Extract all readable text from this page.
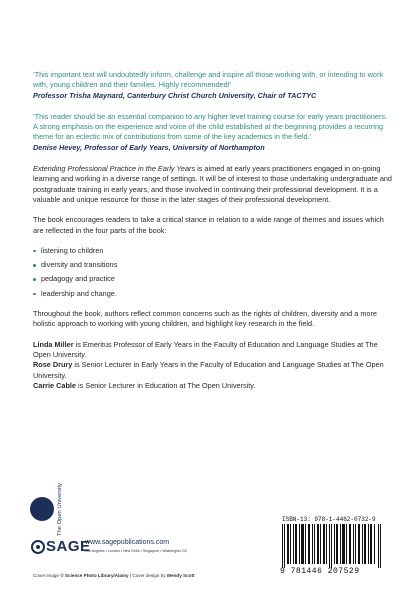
‘This important text will undoubtedly inform, challenge and inspire all those working with, or intending to work with, young children and their families. Highly recommended!’

Professor Trisha Maynard, Canterbury Christ Church University, Chair of TACTYC

‘This reader should be an essential companion to any higher level training course for early years practitioners. A strong emphasis on the experience and voice of the child established at the beginning provides a recurring theme for an eclectic mix of contributions from some of the key academics in the field.’

Denise Hevey, Professor of Early Years, University of Northampton

Extending Professional Practice in the Early Years is aimed at early years practitioners engaged in on-going learning and working in a diverse range of settings. It will be of interest to those undertaking undergraduate and postgraduate training in early years, and those involved in continuing their professional development. It is a valuable and unique resource for those in the later stages of their professional development.

The book encourages readers to take a critical stance in relation to a wide range of themes and issues which are reflected in the four parts of the book:

listening to children
diversity and transitions
pedagogy and practice
leadership and change.

Throughout the book, authors reflect common concerns such as the rights of children, diversity and a more holistic approach to working with young children, and highlight key research in the field.

Linda Miller is Emeritus Professor of Early Years in the Faculty of Education and Language Studies at The Open University.

Rose Drury is Senior Lecturer in Early Years in the Faculty of Education and Language Studies at The Open University.

Carrie Cable is Senior Lecturer in Education at The Open University.

The Open University
SAGE
www.sagepublications.com
Los Angeles • London • New Delhi • Singapore • Washington DC
Cover image © Science Photo Library/Alamy | Cover design by Wendy Scott
ISBN-13: 978-1-4462-0732-9
9 781446 207529
